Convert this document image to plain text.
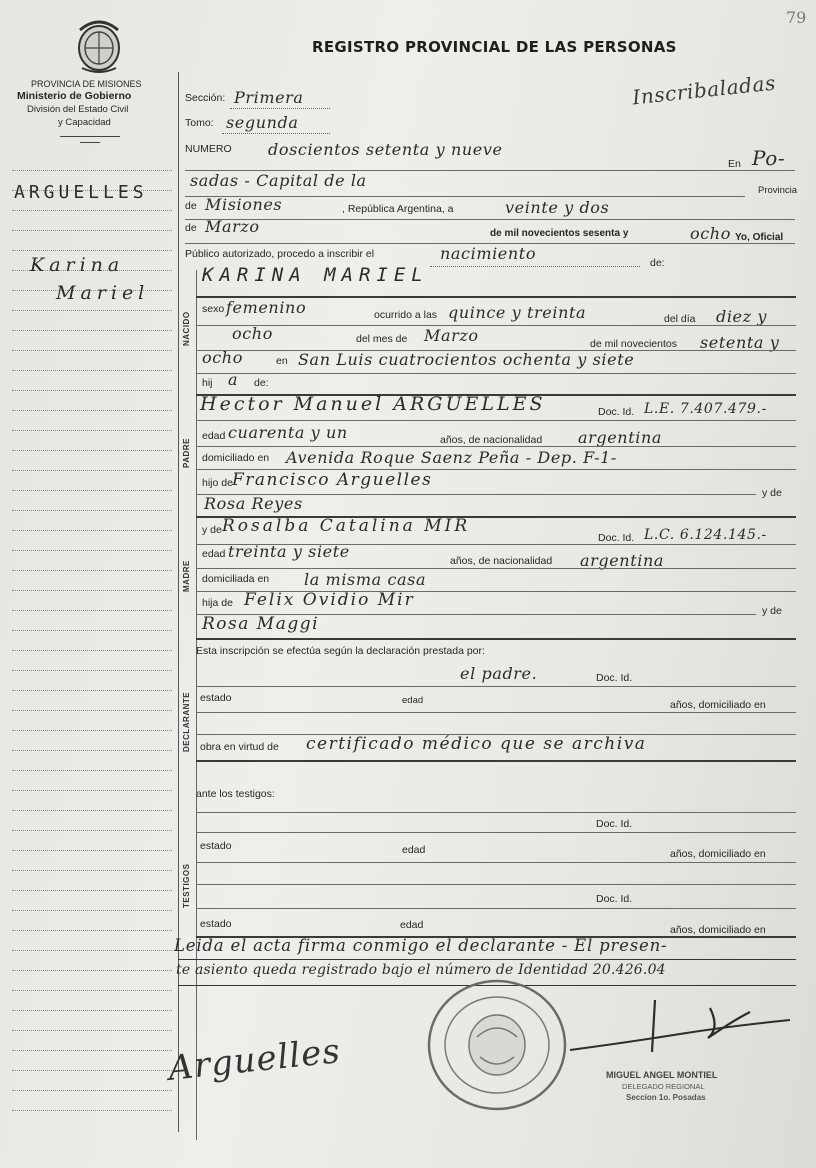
79
PROVINCIA DE MISIONES
Ministerio de Gobierno
División del Estado Civil
y Capacidad
REGISTRO PROVINCIAL DE LAS PERSONAS
Inscribaladas
ARGUELLES
Karina
Mariel
Sección: Primera
Tomo: segunda
NUMERO doscientos setenta y nueve
En Po-
sadas - Capital de la
Provincia
de Misiones	, República Argentina, a	veinte y dos
de Marzo	de mil novecientos sesenta y	ocho Yo, Oficial
Público autorizado, procedo a inscribir el	nacimiento	de:
NACIDO
KARINA MARIEL
sexo femenino	ocurrido a las quince y treinta	del día diez y
ocho	del mes de Marzo	de mil novecientos setenta y
ocho	en San Luis cuatrocientos ochenta y siete
hij a de:
PADRE
Hector Manuel ARGUELLES	Doc. Id. L.E. 7.407.479.-
edad cuarenta y un	años, de nacionalidad argentina
domiciliado en Avenida Roque Saenz Peña - Dep. F-1-
hijo de Francisco Arguelles
y de
Rosa Reyes
MADRE
y de Rosalba Catalina MIR
Doc. Id. L.C. 6.124.145.-
edad treinta y siete	años, de nacionalidad argentina
domiciliada en la misma casa
hija de Felix Ovidio Mir
y de
Rosa Maggi
Esta inscripción se efectúa según la declaración prestada por:
DECLARANTE
el padre.	Doc. Id.
estado	edad	años, domiciliado en
obra en virtud de certificado médico que se archiva
ante los testigos:
TESTIGOS
Doc. Id.
estado	edad	años, domiciliado en
Doc. Id.
estado	edad	años, domiciliado en
Leida el acta firma conmigo el declarante - El presen-
te asiento queda registrado bajo el número de Identidad 20.426.04
Arguelles	MIGUEL ANGEL MONTIEL
DELEGADO REGIONAL
Seccion 1o. Posadas
